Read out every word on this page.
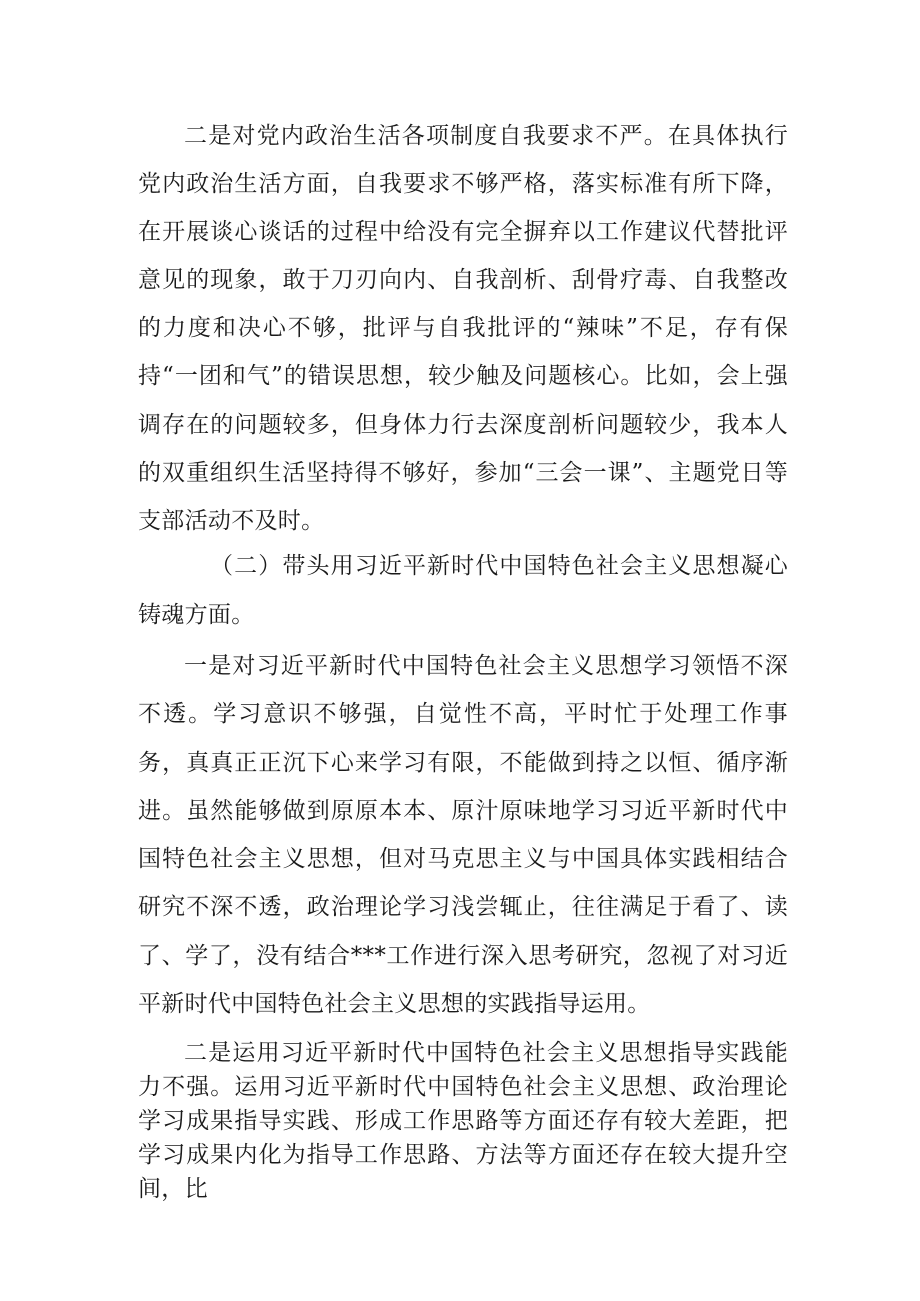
二是对党内政治生活各项制度自我要求不严。在具体执行党内政治生活方面，自我要求不够严格，落实标准有所下降，在开展谈心谈话的过程中给没有完全摒弃以工作建议代替批评意见的现象，敢于刀刃向内、自我剖析、刮骨疗毒、自我整改的力度和决心不够，批评与自我批评的“辣味”不足，存有保持“一团和气”的错误思想，较少触及问题核心。比如，会上强调存在的问题较多，但身体力行去深度剖析问题较少，我本人的双重组织生活坚持得不够好，参加“三会一课”、主题党日等支部活动不及时。

（二）带头用习近平新时代中国特色社会主义思想凝心铸魂方面。

一是对习近平新时代中国特色社会主义思想学习领悟不深不透。学习意识不够强，自觉性不高，平时忙于处理工作事务，真真正正沉下心来学习有限，不能做到持之以恒、循序渐进。虽然能够做到原原本本、原汁原味地学习习近平新时代中国特色社会主义思想，但对马克思主义与中国具体实践相结合研究不深不透，政治理论学习浅尝辄止，往往满足于看了、读了、学了，没有结合***工作进行深入思考研究，忽视了对习近平新时代中国特色社会主义思想的实践指导运用。

二是运用习近平新时代中国特色社会主义思想指导实践能力不强。运用习近平新时代中国特色社会主义思想、政治理论学习成果指导实践、形成工作思路等方面还存有较大差距，把学习成果内化为指导工作思路、方法等方面还存在较大提升空间，比
